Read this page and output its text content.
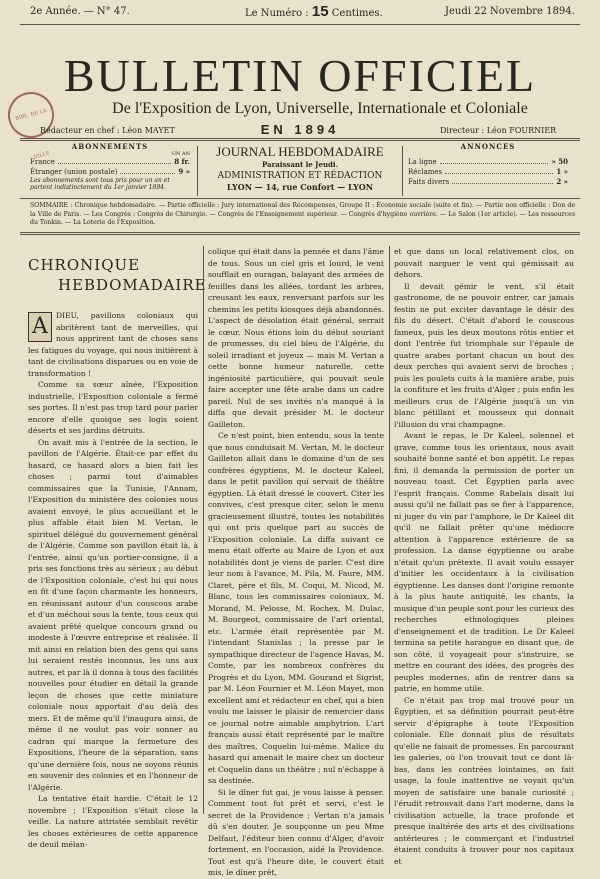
2e Année. — N° 47.	Le Numéro : 15 Centimes.	Jeudi 22 Novembre 1894.
BULLETIN OFFICIEL
BIBL. DE LA VILLE
De l'Exposition de Lyon, Universelle, Internationale et Coloniale
EN 1894
Rédacteur en chef : Léon MAYET	Directeur : Léon FOURNIER
ABONNEMENTS
UN AN
France	8 fr.
Étranger (union postale)	9 »
Les abonnements sont tous pris pour un an et partent indistinctement du 1er janvier 1894.
JOURNAL HEBDOMADAIRE
Paraissant le Jeudi.
ADMINISTRATION ET RÉDACTION
LYON — 14, rue Confort — LYON
ANNONCES
La ligne	» 50
Réclames	1 »
Faits divers	2 »
SOMMAIRE : Chronique hebdomadaire. — Partie officielle : Jury international des Récompenses, Groupe II : Économie sociale (suite et fin). — Partie non officielle : Don de la Ville de Paris. — Les Congrès : Congrès de Chirurgie. — Congrès de l'Enseignement supérieur. — Congrès d'hygiène ouvrière. — Le Salon (1er article). — Les ressources du Tonkin. — La Loterie de l'Exposition.
CHRONIQUE
HEBDOMADAIRE

A	DIEU, pavillons coloniaux qui abritèrent tant de merveilles, qui nous apprirent tant de choses sans les fatigues du voyage, qui nous initièrent à tant de civilisations disparues ou en voie de transformation !

Comme sa sœur aînée, l'Exposition industrielle, l'Exposition coloniale a fermé ses portes. Il n'est pas trop tard pour parler encore d'elle quoique ses logis soient déserts et ses jardins détruits.

On avait mis à l'entrée de la section, le pavillon de l'Algérie. Était-ce par effet du hasard, ce hasard alors a bien fait les choses ; parmi tout d'aimables commissaires que la Tunisie, l'Annam, l'Exposition du ministère des colonies nous avaient envoyé, le plus accueillant et le plus affable était bien M. Vertan, le spirituel délégué du gouvernement général de l'Algérie. Comme son pavillon était là, à l'entrée, ainsi qu'un portier-consigne, il a pris ses fonctions très au sérieux ; au début de l'Exposition coloniale, c'est lui qui nous en fit d'une façon charmante les honneurs, en réunissant autour d'un couscous arabe et d'un méchoui sous la tente, tous ceux qui avaient prêté quelque concours grand ou modeste à l'œuvre entreprise et réalisée. Il mit ainsi en relation bien des gens qui sans lui seraient restés inconnus, les uns aux autres, et par là il donna à tous des facilités nouvelles pour étudier en détail la grande leçon de choses que cette miniature coloniale nous apportait d'au delà des mers. Et de même qu'il l'inaugura ainsi, de même il ne voulut pas voir sonner au cadran qui marque la fermeture des Expositions, l'heure de la séparation, sans qu'une dernière fois, nous ne soyons réunis en souvenir des colonies et en l'honneur de l'Algérie.

La tentative était hardie. C'était le 12 novembre ; l'Exposition s'était close la veille. La nature attristée semblait revêtir les choses extérieures de cette apparence de deuil mélan-

colique qui était dans la pensée et dans l'âme de tous. Sous un ciel gris et lourd, le vent soufflait en ouragan, balayant des armées de feuilles dans les allées, tordant les arbres, creusant les eaux, renversant parfois sur les chemins les petits kiosques déjà abandonnés. L'aspect de désolation était général, serrait le cœur. Nous étions loin du début souriant de promesses, du ciel bleu de l'Algérie, du soleil irradiant et joyeux — mais M. Vertan a cette bonne humeur naturelle, cette ingéniosité particulière, qui pouvait seule faire accepter une fête arabe dans un cadre pareil. Nul de ses invités n'a manqué à la diffa que devait présider M. le docteur Gailleton.

Ce n'est point, bien entendu, sous la tente que nous conduisait M. Vertan, M. le docteur Gailleton allait dans le domaine d'un de ses confrères égyptiens, M. le docteur Kaleel, dans le petit pavillon qui servait de théâtre égyptien. Là était dressé le couvert. Citer les convives, c'est presque citer, selon le menu gracieusement illustré, toutes les notabilités qui ont pris quelque part au succès de l'Exposition coloniale. La diffa suivant ce menu était offerte au Maire de Lyon et aux notabilités dont je viens de parler. C'est dire leur nom à l'avance, M. Pila, M. Faure, MM. Claret, père et fils, M. Coqui, M. Nicod, M. Blanc, tous les commissaires coloniaux, M. Morand, M. Pelosse, M. Rochex, M. Dulac, M. Bourgeot, commissaire de l'art oriental, etc. L'armée était représentée par M. l'intendant Stanislas ; la presse par le sympathique directeur de l'agence Havas, M. Comte, par les nombreux confrères du Progrès et du Lyon, MM. Gourand et Sigrist, par M. Léon Fournier et M. Léon Mayet, mon excellent ami et rédacteur en chef, qui a bien voulu me laisser le plaisir de remercier dans ce journal notre aimable amphytrion. L'art français aussi était représenté par le maître des maîtres, Coquelin lui-même. Malice du hasard qui amenait le maire chez un docteur et Coquelin dans un théâtre ; nul n'échappe à sa destinée.

Si le dîner fut gai, je vous laisse à penser. Comment tout fut prêt et servi, c'est le secret de la Providence ; Vertan n'a jamais dû s'en douter. Je soupçonne un peu Mme Delfaut, l'éditeur bien connu d'Alger, d'avoir fortement, en l'occasion, aidé la Providence. Tout est qu'à l'heure dite, le couvert était mis, le dîner prêt,

et que dans un local relativement clos, on pouvait narguer le vent qui gémissait au dehors.

Il devait gémir le vent, s'il était gastronome, de ne pouvoir entrer, car jamais festin ne put exciter davantage le désir des fils du désert. C'était d'abord le couscous fameux, puis les deux moutons rôtis entier et dont l'entrée fut triomphale sur l'épaule de quatre arabes portant chacun un bout des deux perches qui avaient servi de broches ; puis les poulets cuits à la manière arabe, puis la confiture et les fruits d'Alger ; puis enfin les meilleurs crus de l'Algérie jusqu'à un vin blanc pétillant et mousseux qui donnait l'illusion du vrai champagne.

Avant le repas, le Dr Kaleel, solennel et grave, comme tous les orientaux, nous avait souhaité bonne santé et bon appétit. Le repas fini, il demanda la permission de porter un nouveau toast. Cet Égyptien parla avec l'esprit français. Comme Rabelais disait lui aussi qu'il ne fallait pas se fier à l'apparence, ni juger du vin par l'amphore, le Dr Kaleel dit qu'il ne fallait prêter qu'une médiocre attention à l'apparence extérieure de sa profession. La danse égyptienne ou arabe n'était qu'un prétexte. Il avait voulu essayer d'initier les occidentaux à la civilisation égyptienne. Les danses dont l'origine remonte à la plus haute antiquité, les chants, la musique d'un peuple sont pour les curieux des recherches ethnologiques pleines d'enseignement et de tradition. Le Dr Kaleel termina sa petite harangue en disant que, de son côté, il voyageait pour s'instruire, se mettre en courant des idées, des progrès des peuples modernes, afin de rentrer dans sa patrie, en homme utile.

Ce n'était pas trop mal trouvé pour un Égyptien, et sa définition pourrait peut-être servir d'épigraphe à toute l'Exposition coloniale. Elle donnait plus de résultats qu'elle ne faisait de promesses. En parcourant les galeries, où l'on trouvait tout ce dont là-bas, dans les contrées lointaines, on fait usage, la foule inattentive ne voyait qu'un moyen de satisfaire une banale curiosité ; l'érudit retrouvait dans l'art moderne, dans la civilisation actuelle, la trace profonde et presque inaltérée des arts et des civilisations antérieures ; le commerçant et l'industriel étaient conduits à trouver pour nos capitaux et
